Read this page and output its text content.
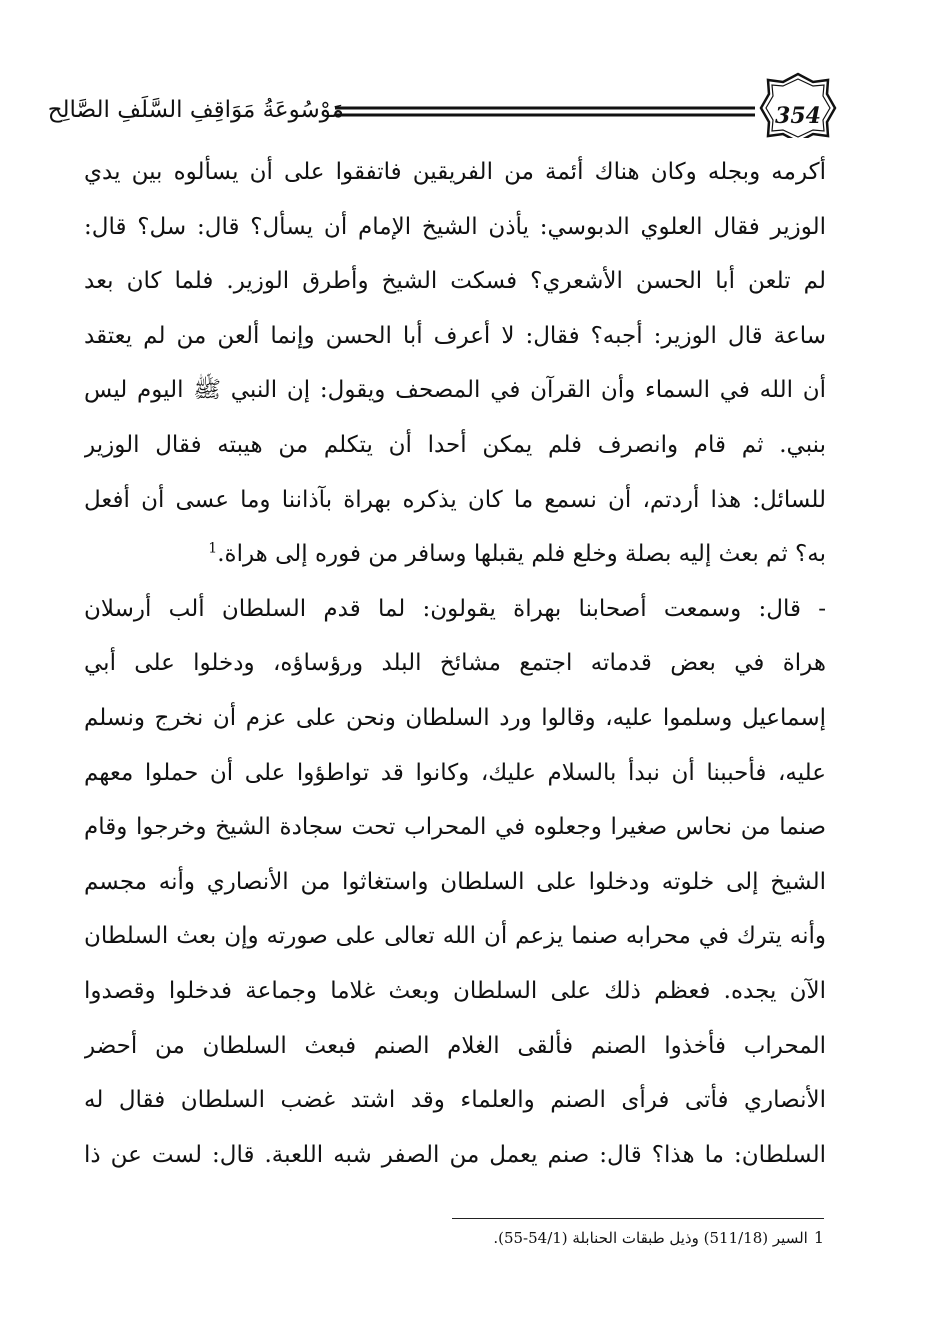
354
مَوْسُوعَةُ مَوَاقِفِ السَّلَفِ الصَّالِح
أكرمه وبجله وكان هناك أئمة من الفريقين فاتفقوا على أن يسألوه بين يدي
الوزير فقال العلوي الدبوسي: يأذن الشيخ الإمام أن يسأل؟ قال: سل؟ قال:
لم تلعن أبا الحسن الأشعري؟ فسكت الشيخ وأطرق الوزير. فلما كان بعد
ساعة قال الوزير: أجبه؟ فقال: لا أعرف أبا الحسن وإنما ألعن من لم يعتقد
أن الله في السماء وأن القرآن في المصحف ويقول: إن النبي ﷺ اليوم ليس
بنبي. ثم قام وانصرف فلم يمكن أحدا أن يتكلم من هيبته فقال الوزير
للسائل: هذا أردتم، أن نسمع ما كان يذكره بهراة بآذاننا وما عسى أن أفعل
به؟ ثم بعث إليه بصلة وخلع فلم يقبلها وسافر من فوره إلى هراة.$^1$
- قال: وسمعت أصحابنا بهراة يقولون: لما قدم السلطان ألب أرسلان
هراة في بعض قدماته اجتمع مشائخ البلد ورؤساؤه، ودخلوا على أبي
إسماعيل وسلموا عليه، وقالوا ورد السلطان ونحن على عزم أن نخرج ونسلم
عليه، فأحببنا أن نبدأ بالسلام عليك، وكانوا قد تواطؤوا على أن حملوا معهم
صنما من نحاس صغيرا وجعلوه في المحراب تحت سجادة الشيخ وخرجوا وقام
الشيخ إلى خلوته ودخلوا على السلطان واستغاثوا من الأنصاري وأنه مجسم
وأنه يترك في محرابه صنما يزعم أن الله تعالى على صورته وإن بعث السلطان
الآن يجده. فعظم ذلك على السلطان وبعث غلاما وجماعة فدخلوا وقصدوا
المحراب فأخذوا الصنم فألقى الغلام الصنم فبعث السلطان من أحضر
الأنصاري فأتى فرأى الصنم والعلماء وقد اشتد غضب السلطان فقال له
السلطان: ما هذا؟ قال: صنم يعمل من الصفر شبه اللعبة. قال: لست عن ذا
1السير (511/18) وذيل طبقات الحنابلة (54/1-55).
